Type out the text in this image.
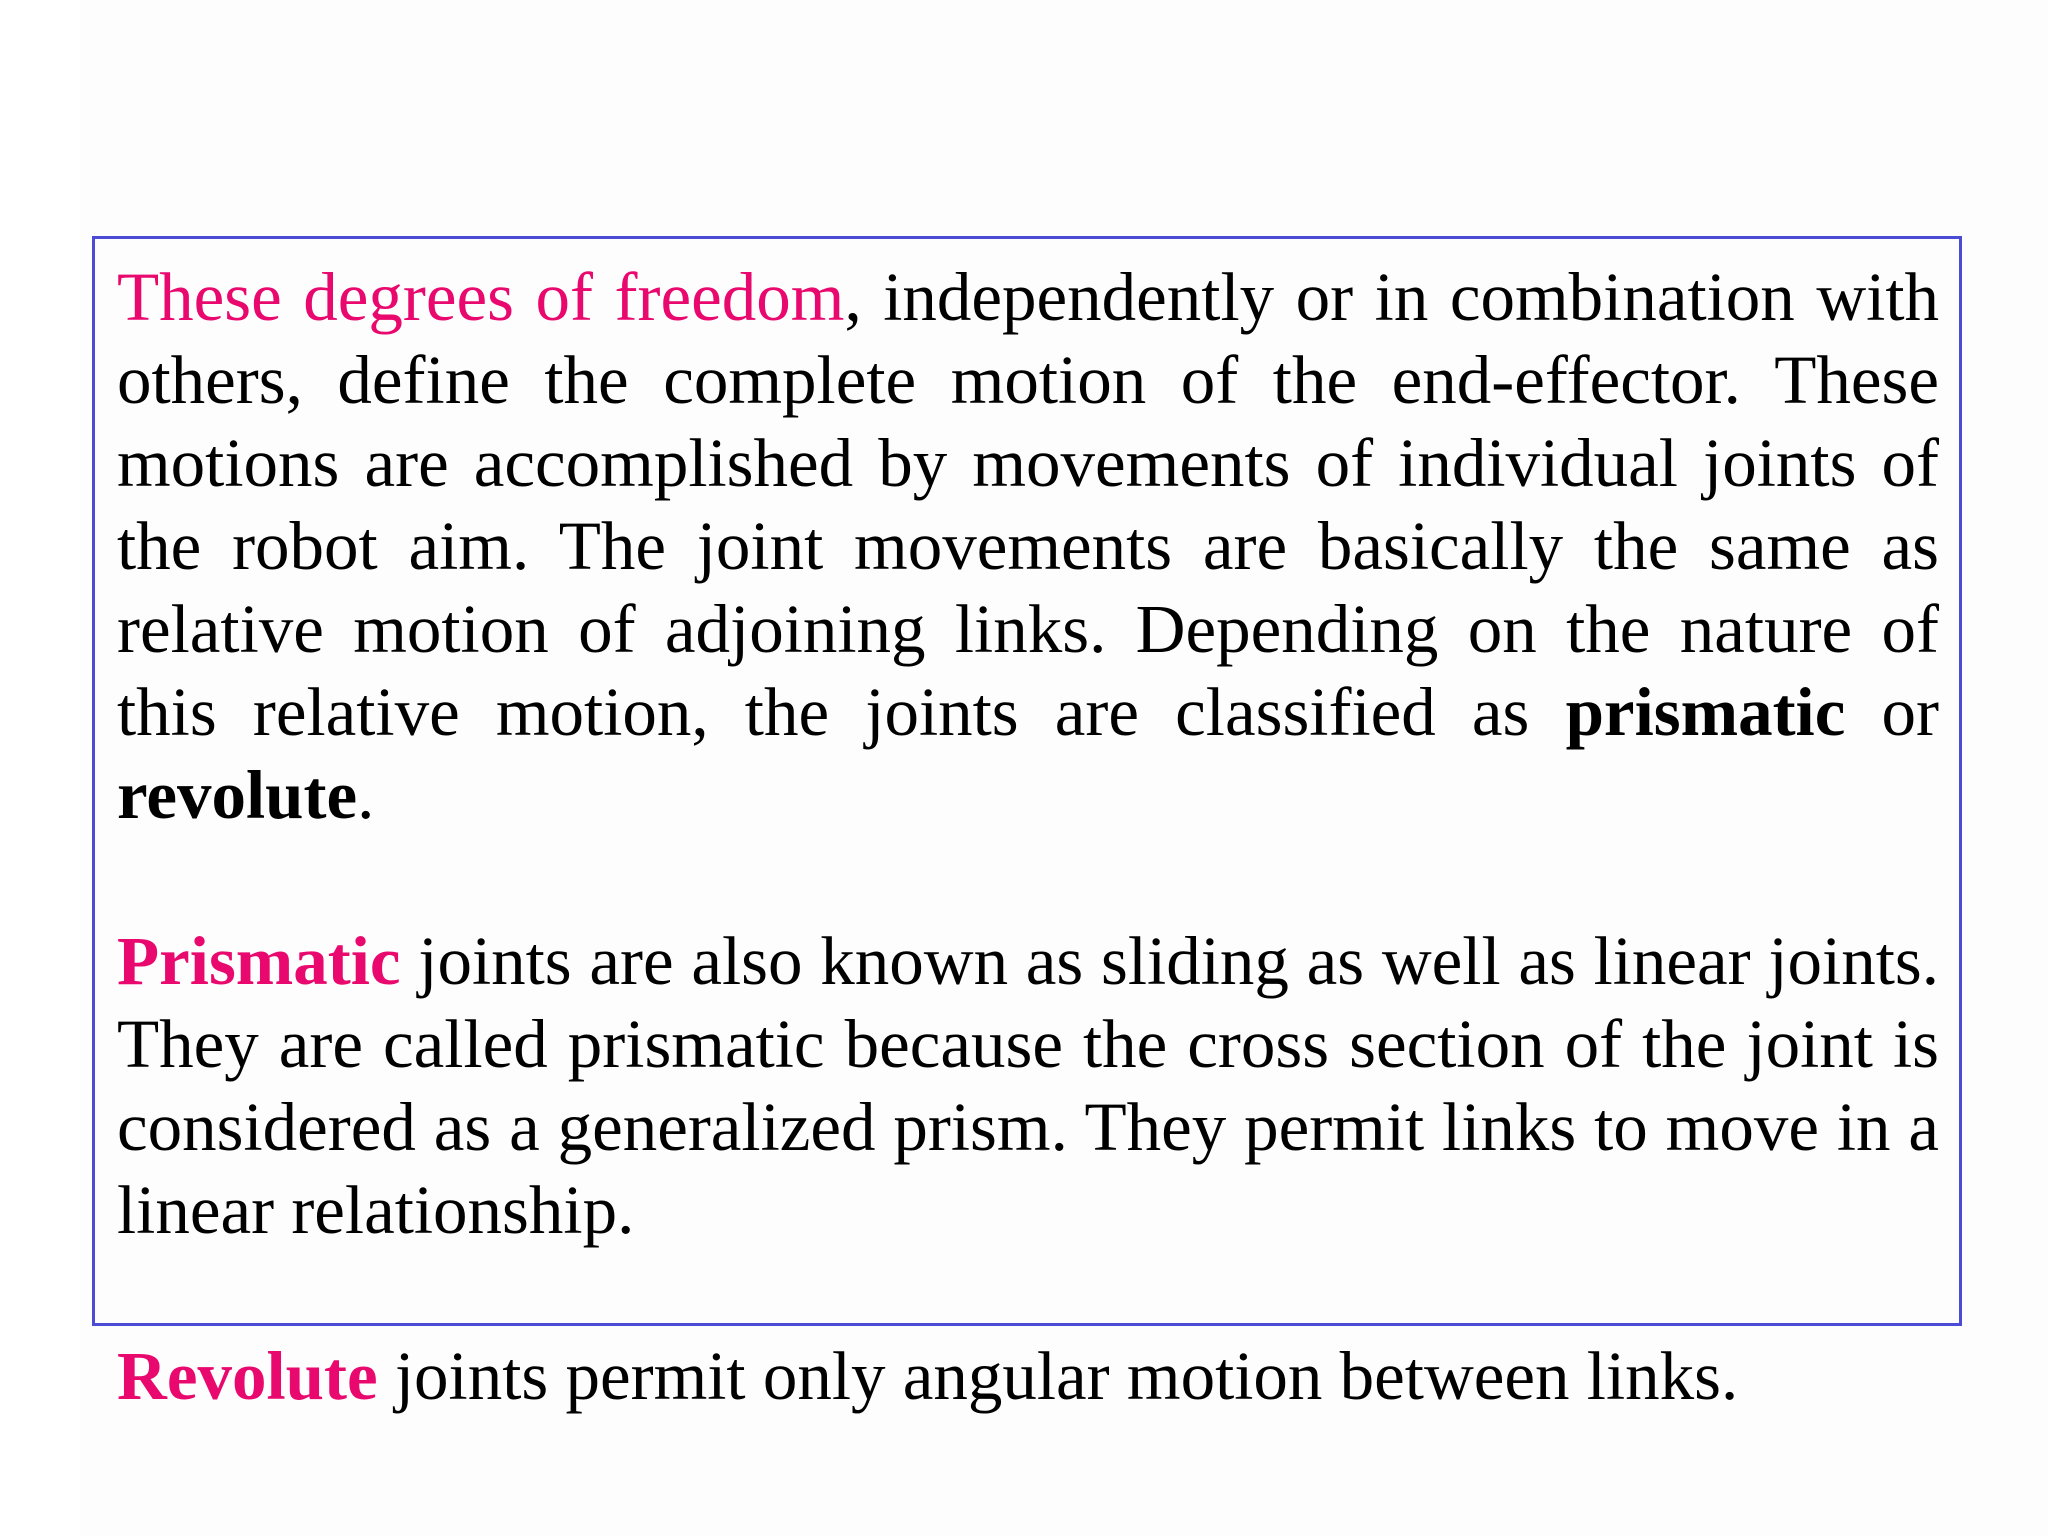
These degrees of freedom, independently or in combination with others, define the complete motion of the end-effector. These motions are accomplished by movements of individual joints of the robot aim. The joint movements are basically the same as relative motion of adjoining links. Depending on the nature of this relative motion, the joints are classified as prismatic or revolute.

Prismatic joints are also known as sliding as well as linear joints. They are called prismatic because the cross section of the joint is considered as a generalized prism. They permit links to move in a linear relationship.

Revolute joints permit only angular motion between links.
